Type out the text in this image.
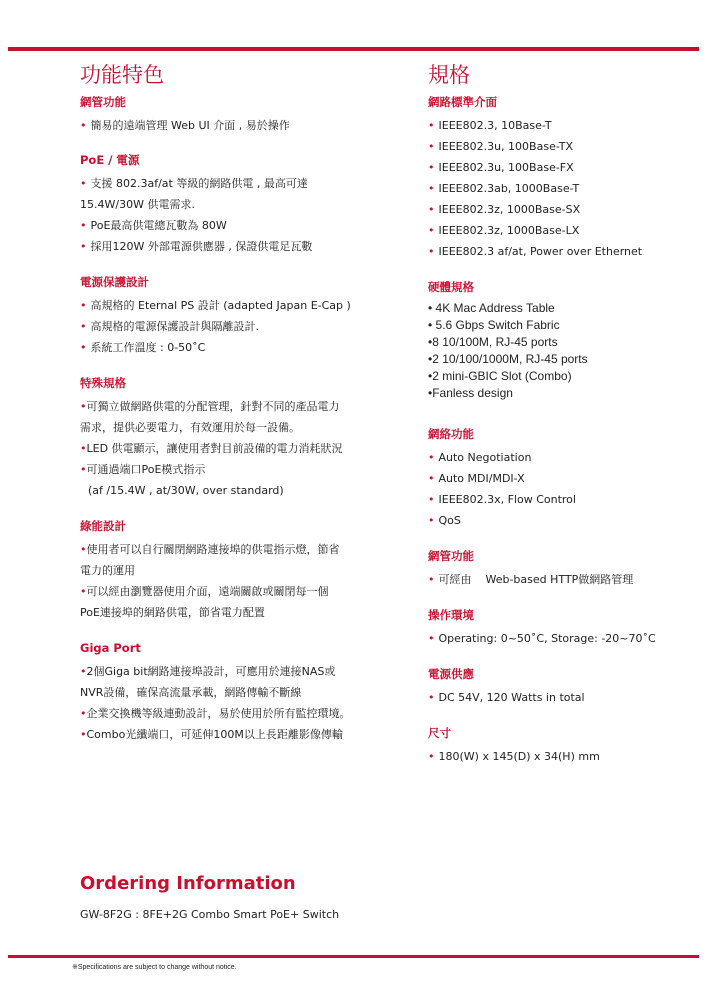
功能特色
網管功能
• 簡易的遠端管理 Web UI 介面 , 易於操作
PoE / 電源
• 支援 802.3af/at 等級的網路供電 , 最高可達
15.4W/30W 供電需求.
• PoE最高供電總瓦數為 80W
• 採用120W 外部電源供應器 , 保證供電足瓦數
電源保護設計
• 高規格的 Eternal PS 設計 (adapted Japan E-Cap )
• 高規格的電源保護設計與隔離設計.
• 系統工作溫度 : 0-50˚C
特殊規格
•可獨立做網路供電的分配管理，針對不同的產品電力
需求，提供必要電力，有效運用於每一設備。
•LED 供電顯示，讓使用者對目前設備的電力消耗狀況
•可通過端口PoE模式指示
(af /15.4W , at/30W, over standard)
綠能設計
•使用者可以自行關閉網路連接埠的供電指示燈，節省
電力的運用
•可以經由瀏覽器使用介面，遠端關啟或關閉每一個
PoE連接埠的網路供電，節省電力配置
Giga Port
•2個Giga bit網路連接埠設計，可應用於連接NAS或
NVR設備，確保高流量承載，網路傳輸不斷線
•企業交換機等級連動設計，易於使用於所有監控環境。
•Combo光纖端口，可延伸100M以上長距離影像傳輸
規格
網路標準介面
• IEEE802.3, 10Base-T
• IEEE802.3u, 100Base-TX
• IEEE802.3u, 100Base-FX
• IEEE802.3ab, 1000Base-T
• IEEE802.3z, 1000Base-SX
• IEEE802.3z, 1000Base-LX
• IEEE802.3 af/at, Power over Ethernet
硬體規格
• 4K Mac Address Table
• 5.6 Gbps Switch Fabric
•8 10/100M, RJ-45 ports
•2 10/100/1000M, RJ-45 ports
•2 mini-GBIC Slot (Combo)
•Fanless design
網絡功能
• Auto Negotiation
• Auto MDI/MDI-X
• IEEE802.3x, Flow Control
• QoS
網管功能
• 可經由    Web-based HTTP做網路管理
操作環境
• Operating: 0~50˚C, Storage: -20~70˚C
電源供應
• DC 54V, 120 Watts in total
尺寸
• 180(W) x 145(D) x 34(H) mm
Ordering Information
GW-8F2G : 8FE+2G Combo Smart PoE+ Switch
※Specifications are subject to change without notice.
